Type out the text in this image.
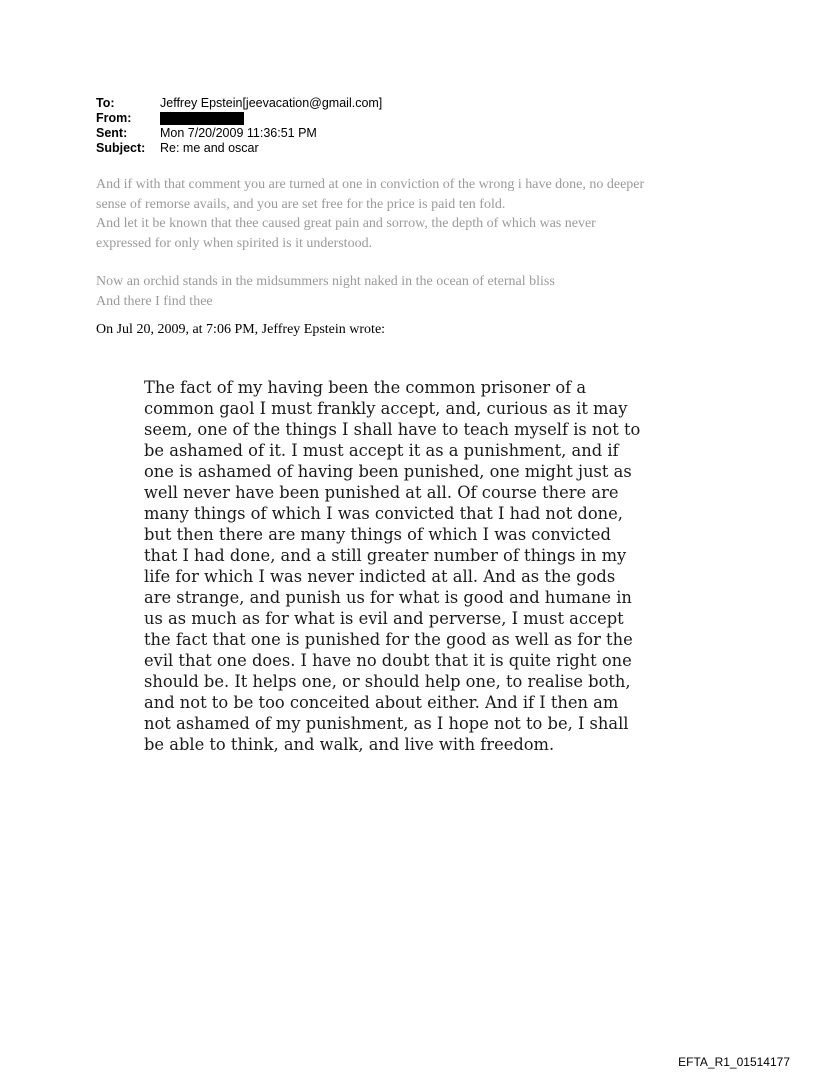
To:	Jeffrey Epstein[jeevacation@gmail.com]
From:
Sent:	Mon 7/20/2009 11:36:51 PM
Subject:	Re: me and oscar

And if with that comment you are turned at one in conviction of the wrong i have done, no deeper

sense of remorse avails, and you are set free for the price is paid ten fold.

And let it be known that thee caused great pain and sorrow, the depth of which was never

expressed for only when spirited is it understood.

Now an orchid stands in the midsummers night naked in the ocean of eternal bliss

And there I find thee

On Jul 20, 2009, at 7:06 PM, Jeffrey Epstein wrote:

The fact of my having been the common prisoner of a

common gaol I must frankly accept, and, curious as it may

seem, one of the things I shall have to teach myself is not to

be ashamed of it. I must accept it as a punishment, and if

one is ashamed of having been punished, one might just as

well never have been punished at all. Of course there are

many things of which I was convicted that I had not done,

but then there are many things of which I was convicted

that I had done, and a still greater number of things in my

life for which I was never indicted at all. And as the gods

are strange, and punish us for what is good and humane in

us as much as for what is evil and perverse, I must accept

the fact that one is punished for the good as well as for the

evil that one does. I have no doubt that it is quite right one

should be. It helps one, or should help one, to realise both,

and not to be too conceited about either. And if I then am

not ashamed of my punishment, as I hope not to be, I shall

be able to think, and walk, and live with freedom.

EFTA_R1_01514177
